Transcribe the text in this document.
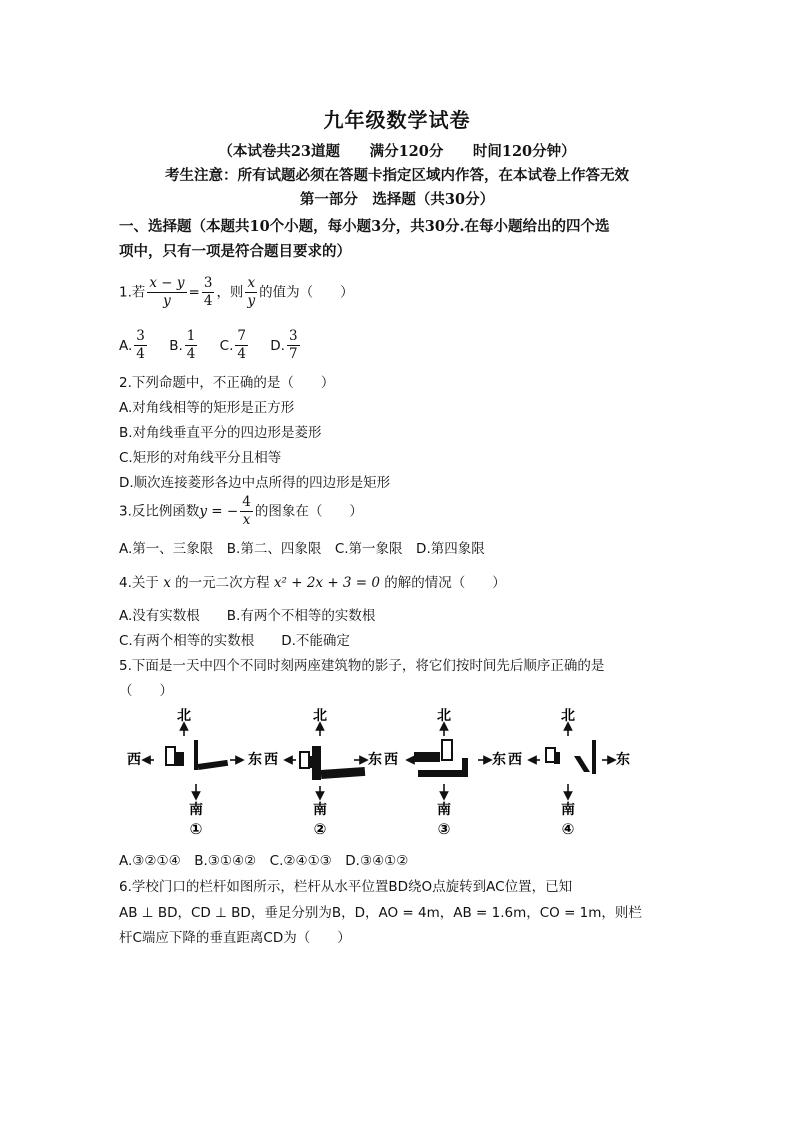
九年级数学试卷
（本试卷共23道题　 满分120分　 时间120分钟）
考生注意：所有试题必须在答题卡指定区域内作答，在本试卷上作答无效
第一部分　选择题（共30分）
一、选择题（本题共10个小题，每小题3分，共30分.在每小题给出的四个选
项中，只有一项是符合题目要求的）
1.若 $\frac{x - y}{y} = \frac{3}{4}$ ，则 $\frac{x}{y}$ 的值为（　　）
A. $\frac{3}{4} B$. $\frac{1}{4} C$. $\frac{7}{4} D$. $\frac{3}{7}$
2.下列命题中，不正确的是（　　）
A.对角线相等的矩形是正方形
B.对角线垂直平分的四边形是菱形
C.矩形的对角线平分且相等
D.顺次连接菱形各边中点所得的四边形是矩形
3.反比例函数y = − $\frac{4}{x}$ 的图象在（　　）
A.第一、三象限　B.第二、四象限　C.第一象限　D.第四象限
4.关于 x 的一元二次方程 x² + 2x + 3 = 0 的解的情况（　　）
A.没有实数根　　B.有两个不相等的实数根
C.有两个相等的实数根　　D.不能确定
5.下面是一天中四个不同时刻两座建筑物的影子，将它们按时间先后顺序正确的是
（　　）
北
西
南
①
东 西
北
南
②
东 西
北
南
③
东 西
北
南
④
东
A.③②①④　B.③①④②　C.②④①③　D.③④①②
6.学校门口的栏杆如图所示，栏杆从水平位置BD绕O点旋转到AC位置，已知
AB ⊥ BD，CD ⊥ BD，垂足分别为B，D，AO = 4m，AB = 1.6m，CO = 1m，则栏
杆C端应下降的垂直距离CD为（　　）
